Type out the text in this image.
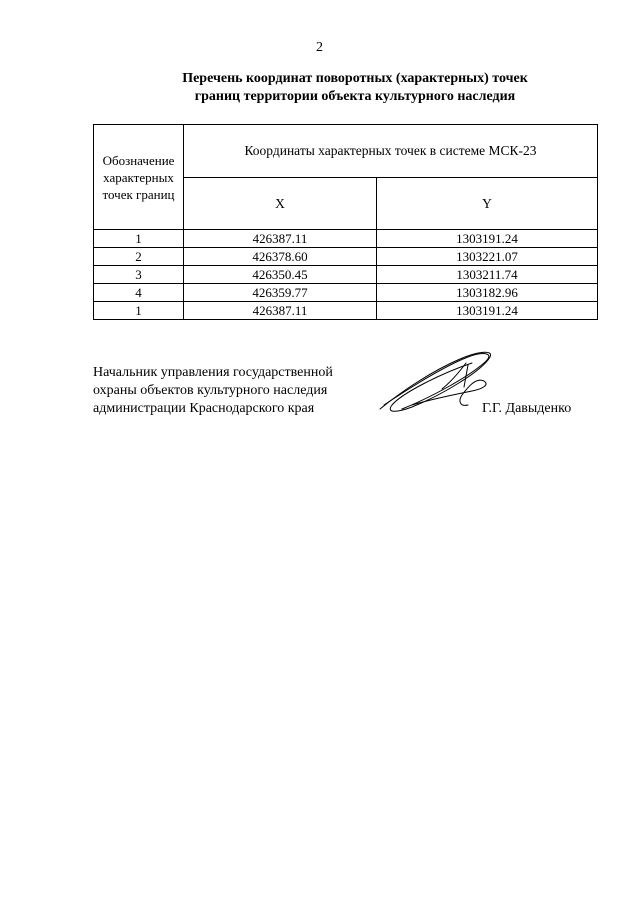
2
Перечень координат поворотных (характерных) точек
границ территории объекта культурного наследия
Обозначение
характерных
точек границ	Координаты характерных точек в системе МСК-23	
	X	Y
1	426387.11	1303191.24
2	426378.60	1303221.07
3	426350.45	1303211.74
4	426359.77	1303182.96
1	426387.11	1303191.24
Начальник управления государственной
охраны объектов культурного наследия
администрации Краснодарского края	Г.Г. Давыденко
